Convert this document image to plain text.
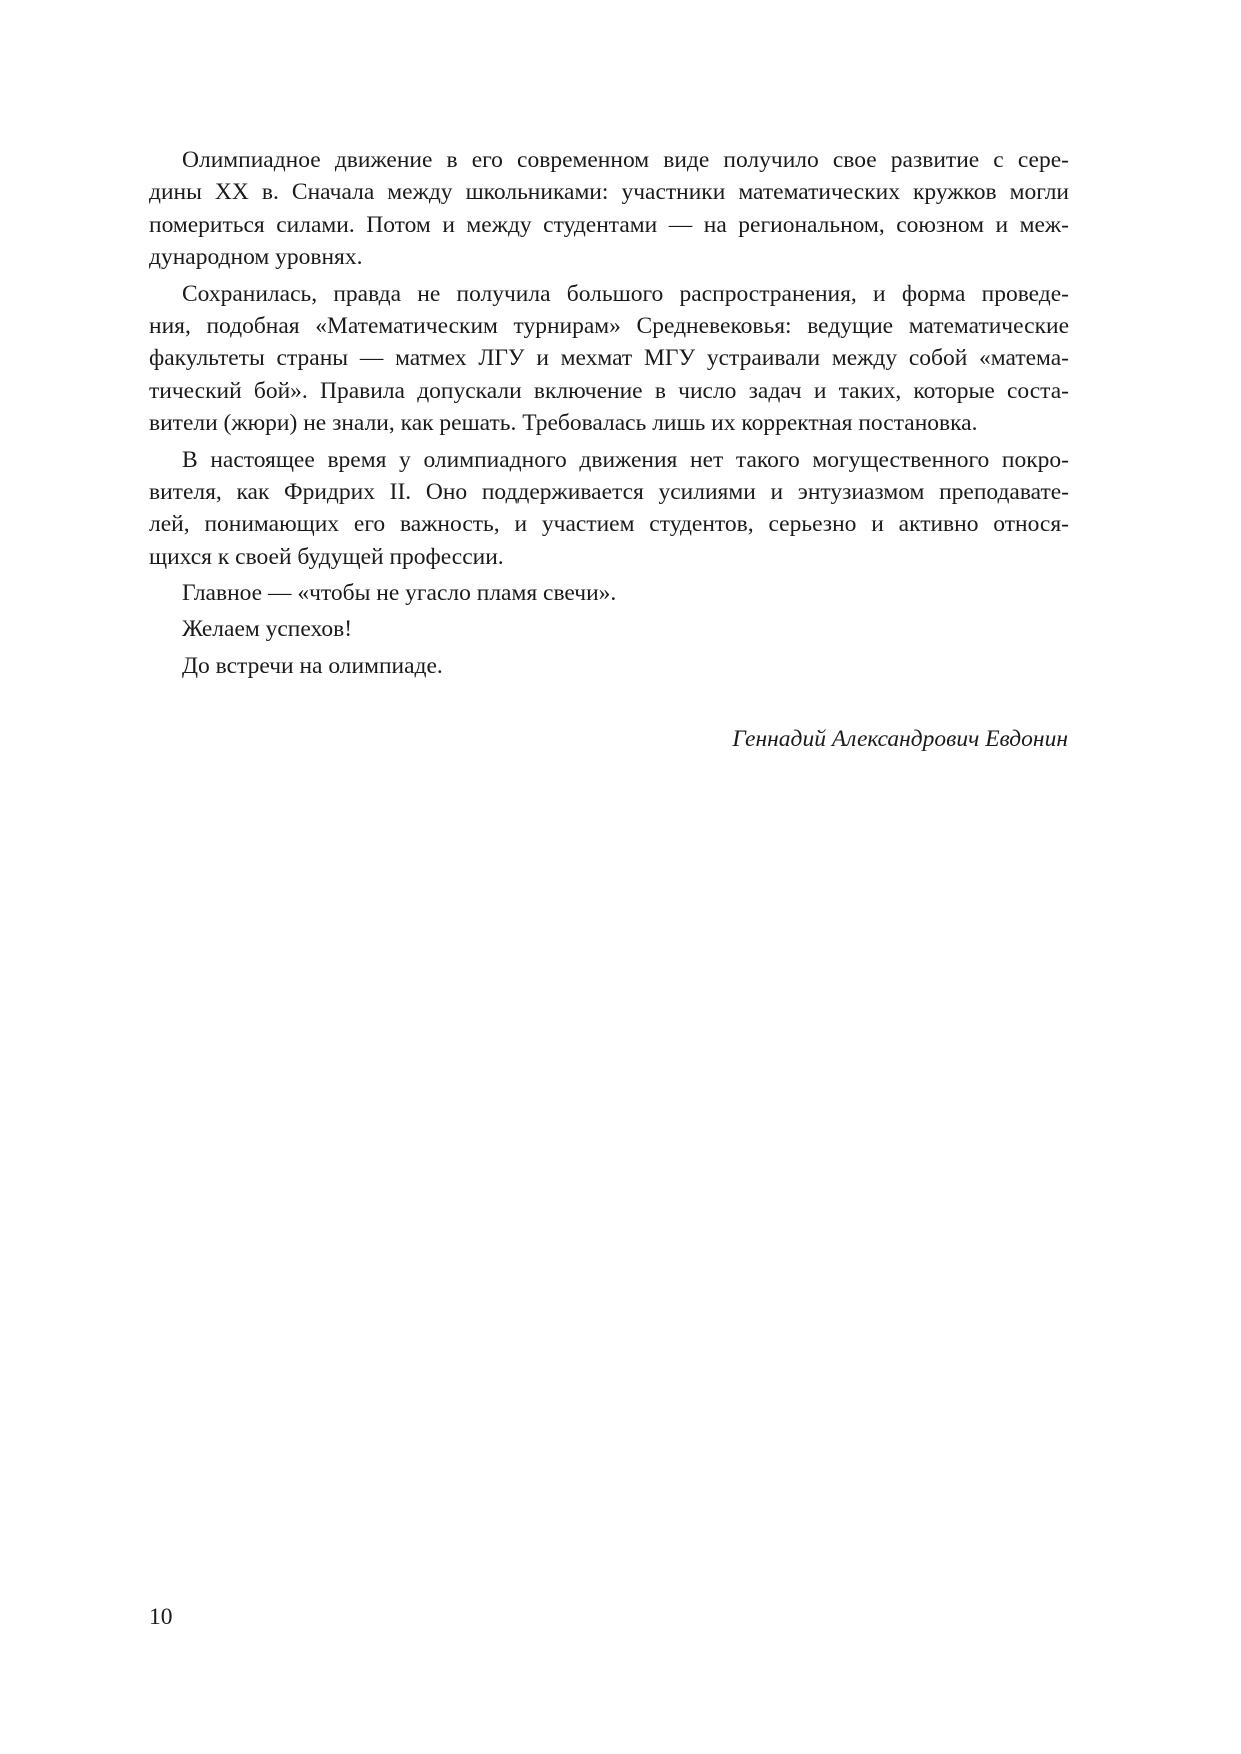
Олимпиадное движение в его современном виде получило свое развитие с сере-
дины XX в. Сначала между школьниками: участники математических кружков могли
помериться силами. Потом и между студентами — на региональном, союзном и меж-
дународном уровнях.
Сохранилась, правда не получила большого распространения, и форма проведе-
ния, подобная «Математическим турнирам» Средневековья: ведущие математические
факультеты страны — матмех ЛГУ и мехмат МГУ устраивали между собой «матема-
тический бой». Правила допускали включение в число задач и таких, которые соста-
вители (жюри) не знали, как решать. Требовалась лишь их корректная постановка.
В настоящее время у олимпиадного движения нет такого могущественного покро-
вителя, как Фридрих II. Оно поддерживается усилиями и энтузиазмом преподавате-
лей, понимающих его важность, и участием студентов, серьезно и активно относя-
щихся к своей будущей профессии.
Главное — «чтобы не угасло пламя свечи».
Желаем успехов!
До встречи на олимпиаде.
Геннадий Александрович Евдонин
10
